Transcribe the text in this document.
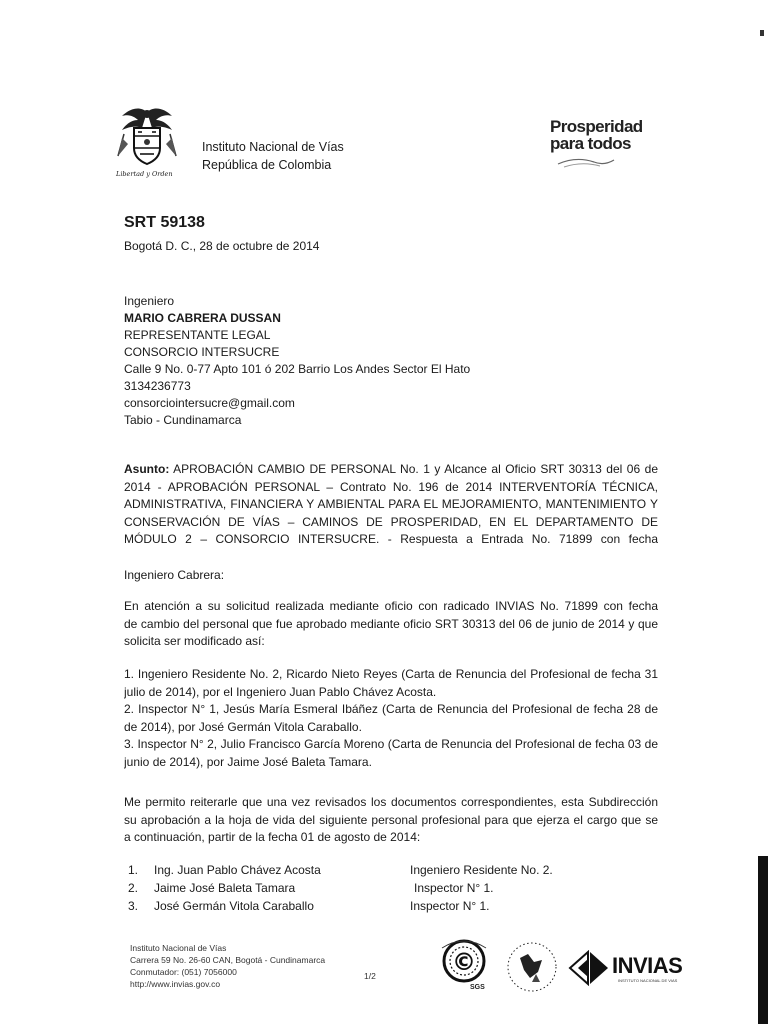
Libertad y Orden
Instituto Nacional de Vías
República de Colombia
Prosperidad
para todos
SRT 59138
Bogotá D. C., 28 de octubre de 2014
Ingeniero
MARIO CABRERA DUSSAN
REPRESENTANTE LEGAL
CONSORCIO INTERSUCRE
Calle 9 No. 0-77 Apto 101 ó 202 Barrio Los Andes Sector El Hato
3134236773
consorciointersucre@gmail.com
Tabio - Cundinamarca
Asunto: APROBACIÓN CAMBIO DE PERSONAL No. 1 y Alcance al Oficio SRT 30313 del 06 de
2014 - APROBACIÓN PERSONAL – Contrato No. 196 de 2014 INTERVENTORÍA TÉCNICA,
ADMINISTRATIVA, FINANCIERA Y AMBIENTAL PARA EL MEJORAMIENTO, MANTENIMIENTO Y
CONSERVACIÓN DE VÍAS – CAMINOS DE PROSPERIDAD, EN EL DEPARTAMENTO DE
MÓDULO 2 – CONSORCIO INTERSUCRE. - Respuesta a Entrada No. 71899 con fecha
Ingeniero Cabrera:
En atención a su solicitud realizada mediante oficio con radicado INVIAS No. 71899 con fecha
de cambio del personal que fue aprobado mediante oficio SRT 30313 del 06 de junio de 2014 y que
solicita ser modificado así:
1. Ingeniero Residente No. 2, Ricardo Nieto Reyes (Carta de Renuncia del Profesional de fecha 31
julio de 2014), por el Ingeniero Juan Pablo Chávez Acosta.
2. Inspector N° 1, Jesús María Esmeral Ibáñez (Carta de Renuncia del Profesional de fecha 28 de
de 2014), por José Germán Vitola Caraballo.
3. Inspector N° 2, Julio Francisco García Moreno (Carta de Renuncia del Profesional de fecha 03 de
junio de 2014), por Jaime José Baleta Tamara.
Me permito reiterarle que una vez revisados los documentos correspondientes, esta Subdirección
su aprobación a la hoja de vida del siguiente personal profesional para que ejerza el cargo que se
a continuación, partir de la fecha 01 de agosto de 2014:
1. Ing. Juan Pablo Chávez Acosta	Ingeniero Residente No. 2.
2. Jaime José Baleta Tamara	Inspector N° 1.
3. José Germán Vitola Caraballo	Inspector N° 1.
Instituto Nacional de Vías
Carrera 59 No. 26-60 CAN, Bogotá - Cundinamarca
Conmutador: (051) 7056000
http://www.invias.gov.co
1/2	©
SGS
INVIAS
INSTITUTO NACIONAL DE VIAS
